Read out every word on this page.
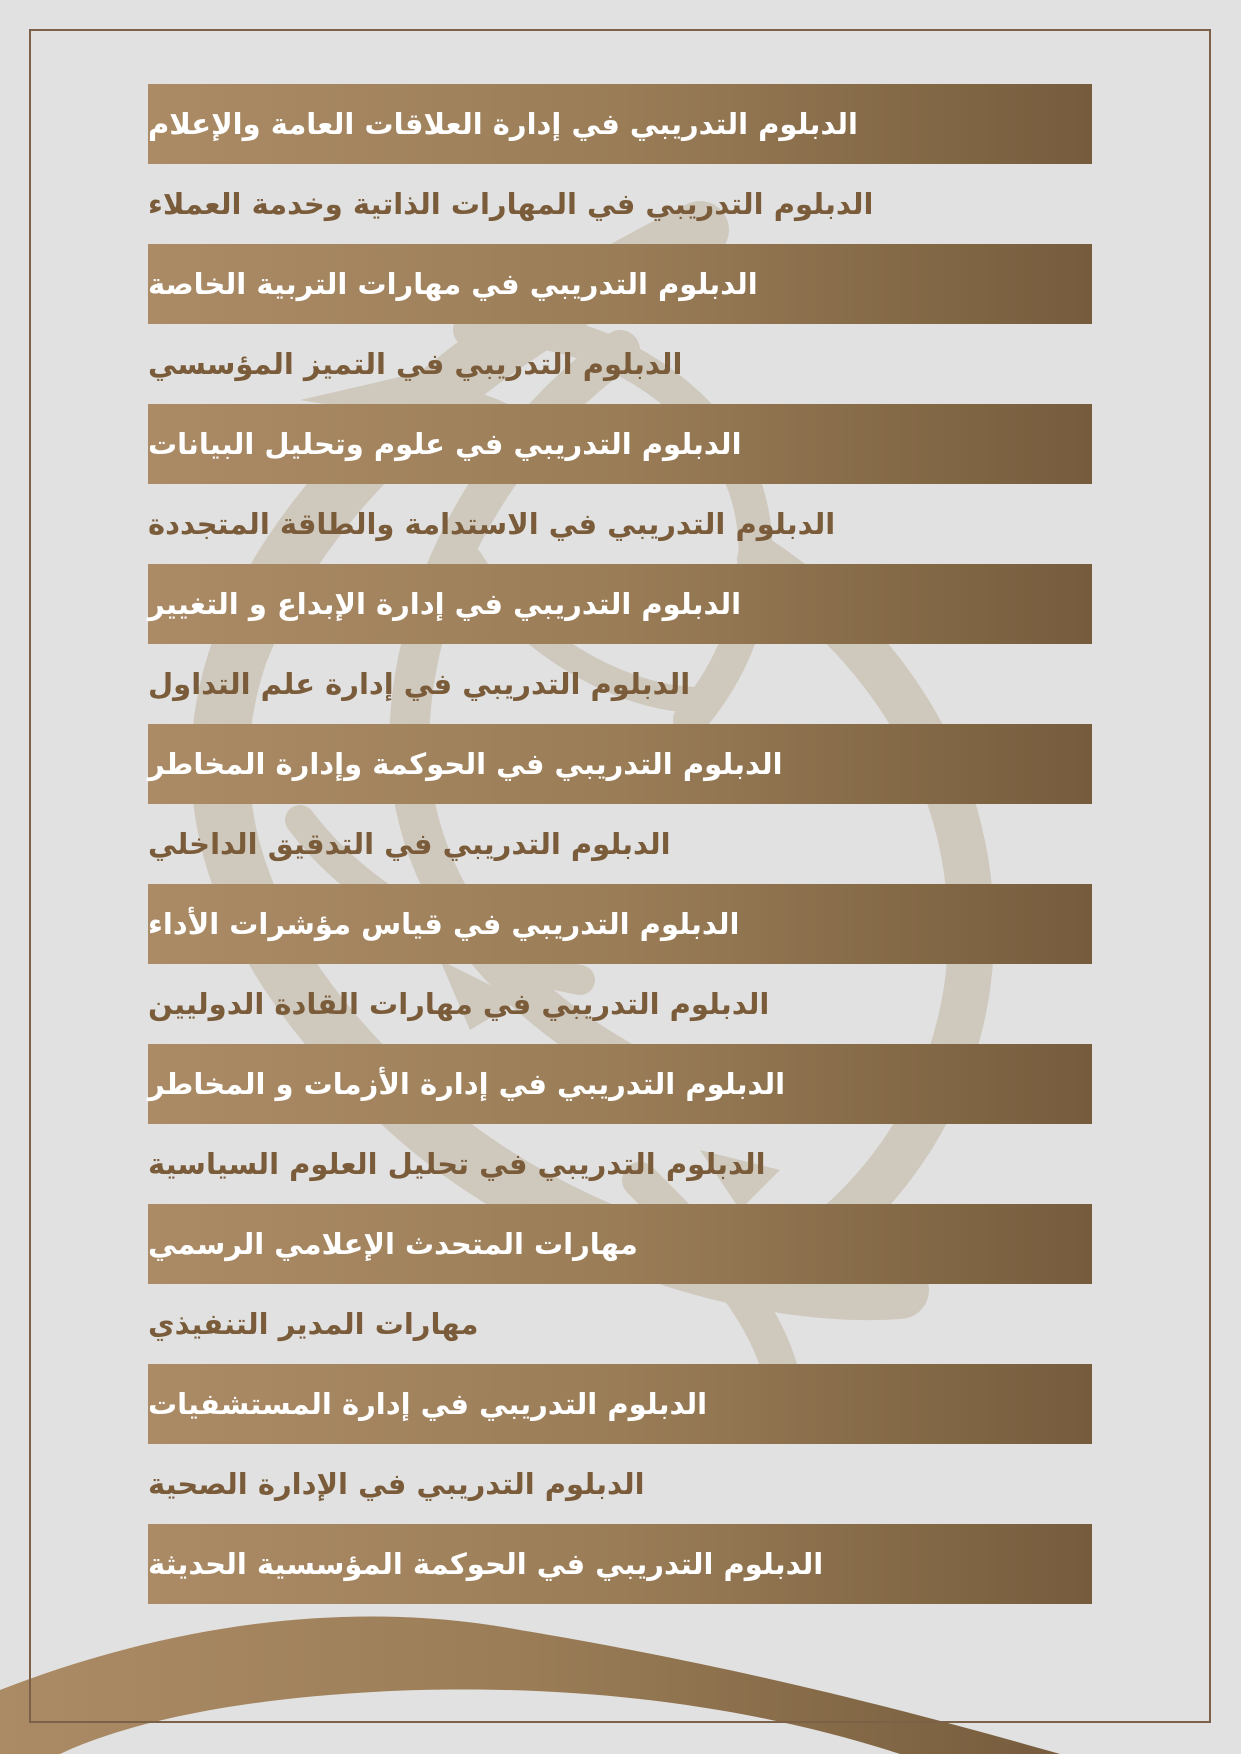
الدبلوم التدريبي في إدارة العلاقات العامة والإعلام
الدبلوم التدريبي في المهارات الذاتية وخدمة العملاء
الدبلوم التدريبي في مهارات التربية الخاصة
الدبلوم التدريبي في التميز المؤسسي
الدبلوم التدريبي في علوم وتحليل البيانات
الدبلوم التدريبي في الاستدامة والطاقة المتجددة
الدبلوم التدريبي في إدارة الإبداع و التغيير
الدبلوم التدريبي في إدارة علم التداول
الدبلوم التدريبي في الحوكمة وإدارة المخاطر
الدبلوم التدريبي في التدقيق الداخلي
الدبلوم التدريبي في قياس مؤشرات الأداء
الدبلوم التدريبي في مهارات القادة الدوليين
الدبلوم التدريبي في إدارة الأزمات و المخاطر
الدبلوم التدريبي في تحليل العلوم السياسية
مهارات المتحدث الإعلامي الرسمي
مهارات المدير التنفيذي
الدبلوم التدريبي في إدارة المستشفيات
الدبلوم التدريبي في الإدارة الصحية
الدبلوم التدريبي في الحوكمة المؤسسية الحديثة
